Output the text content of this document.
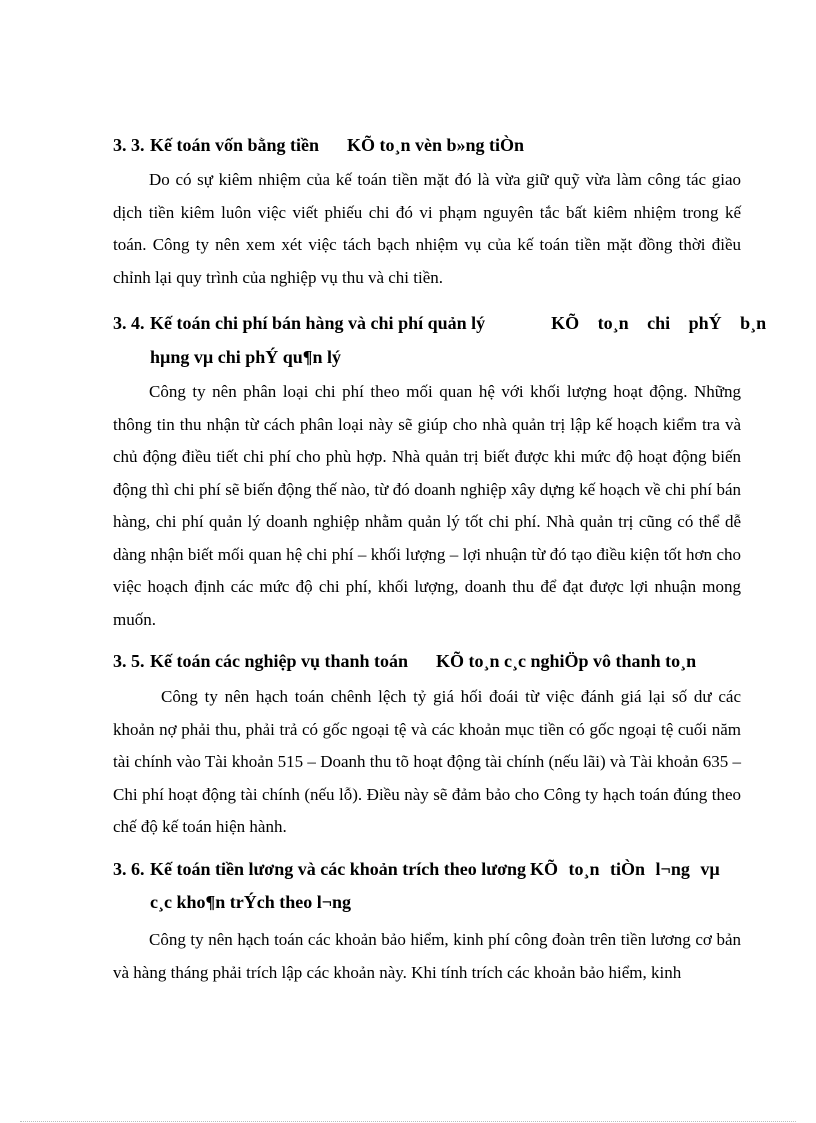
3. 3. Kế toán vốn bằng tiền KÕ to¸n vèn b»ng tiÒn

Do có sự kiêm nhiệm của kế toán tiền mặt đó là vừa giữ quỹ vừa làm công tác giao dịch tiền kiêm luôn việc viết phiếu chi đó vi phạm nguyên tắc bất kiêm nhiệm trong kế toán. Công ty nên xem xét việc tách bạch nhiệm vụ của kế toán tiền mặt đồng thời điều chỉnh lại quy trình của nghiệp vụ thu và chi tiền.

3. 4. Kế toán chi phí bán hàng và chi phí quản lý	KÕ to¸n chi phÝ b¸n
hµng vµ chi phÝ qu¶n lý

Công ty nên phân loại chi phí theo mối quan hệ với khối lượng hoạt động. Những thông tin thu nhận từ cách phân loại này sẽ giúp cho nhà quản trị lập kế hoạch kiểm tra và chủ động điều tiết chi phí cho phù hợp. Nhà quản trị biết được khi mức độ hoạt động biến động thì chi phí sẽ biến động thế nào, từ đó doanh nghiệp xây dựng kế hoạch về chi phí bán hàng, chi phí quản lý doanh nghiệp nhằm quản lý tốt chi phí. Nhà quản trị cũng có thể dễ dàng nhận biết mối quan hệ chi phí – khối lượng – lợi nhuận từ đó tạo điều kiện tốt hơn cho việc hoạch định các mức độ chi phí, khối lượng, doanh thu để đạt được lợi nhuận mong muốn.

3. 5. Kế toán các nghiệp vụ thanh toán KÕ to¸n c¸c nghiÖp vô thanh to¸n

Công ty nên hạch toán chênh lệch tỷ giá hối đoái từ việc đánh giá lại số dư các khoản nợ phải thu, phải trả có gốc ngoại tệ và các khoản mục tiền có gốc ngoại tệ cuối năm tài chính vào Tài khoản 515 – Doanh thu tõ hoạt động tài chính (nếu lãi) và Tài khoản 635 – Chi phí hoạt động tài chính (nếu lỗ). Điều này sẽ đảm bảo cho Công ty hạch toán đúng theo chế độ kế toán hiện hành.

3. 6. Kế toán tiền lương và các khoản trích theo lương KÕ to¸n tiÒn l¬ng vµ
c¸c kho¶n trÝch theo l¬ng

Công ty nên hạch toán các khoản bảo hiểm, kinh phí công đoàn trên tiền lương cơ bản và hàng tháng phải trích lập các khoản này. Khi tính trích các khoản bảo hiểm, kinh
